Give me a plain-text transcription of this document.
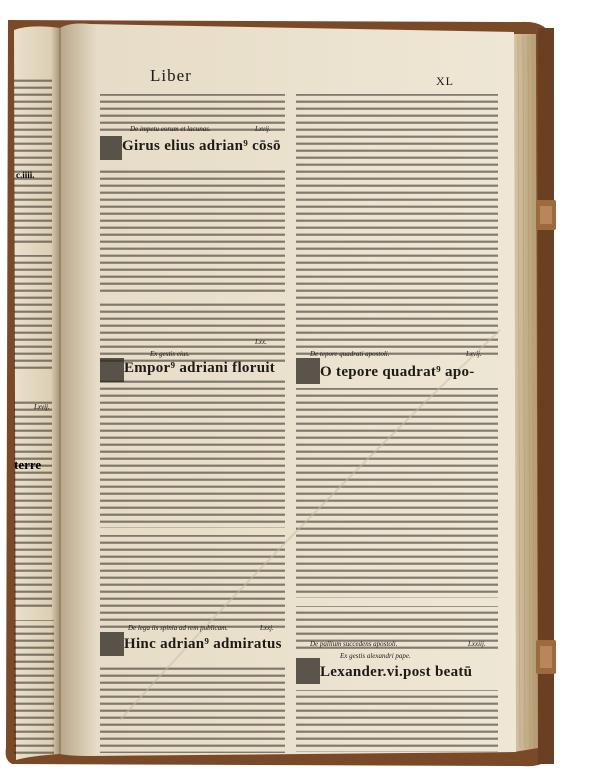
Liber	XL
terre
c.iiii.
Lxvij.
Girus elius adrian⁹ cōsō
Empor⁹ adriani floruit
Hinc adrian⁹ admiratus
De impetu eorum et lacunas.
Ex gestis eius.
De lega iis spinia ad rem publicam.
Lxvij.
Lxx.
Lxxj.
O tepore quadrat⁹ apo-
Lexander.vi.post beatū
De tepore quadrati apostoli.
De pallium succedens apostoli.
Ex gestis alexandri pape.
Lxvij.
Lxxiij.
